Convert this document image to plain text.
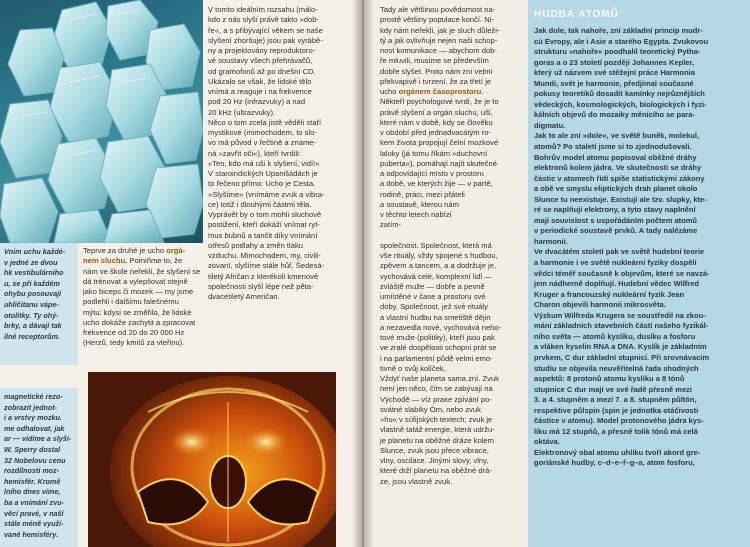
Vnim uchu každé-
v jedné ze dvou
hk vestibulárního
u, se při každém
ohybu posouvají
uhličitanu vápe-
otolitky. Ty ohý-
brky, a dávají tak
ilné receptorům.

magnetické rezo-
zobrazit jednot-
i a vrstvy mozku.
me odhalovat, jak
ar — vidíme a slyší-
W. Sperry dostal
32 Nobelovu cenu
rozdílnosti moz-
hemisfér. Kromě
lního dnes víme,
ba a vnímání zvu-
věcí pravé, v naší
stále méně využí-
vané hemisféry.

Teprve za druhé je ucho orgá-
nem sluchu. Pomiňme to, že
nám ve škole neřekli, že slyšení se
dá trénovat a vylepšovat stejně
jako biceps či mozek — my jsme
podlehli i dalšímu falešnému
mýtu: kdysi se změřilo, že lidské
ucho dokáže zachytit a zpracovat
frekvence od 20 do 20 000 Hz
(Herzů, tedy kmitů za vteřinu).

V tomto ideálním rozsahu (málo-
kdo z nás slyší právě takto »dob-
ře«, a s přibývající věkem se naše
slyšení zhoršuje) jsou pak vyrábě-
ny a projektovány reproduktoro-
vé soustavy všech přehrávačů,
od gramofonů až po dnešní CD.
Ukázalo se však, že lidské tělo
vnímá a reaguje i na frekvence
pod 20 Hz (infrazvuky) a nad
20 kHz (ultrazvuky).
Něco o tom zcela jistě věděli staří
mystikové (mimochodem, to slo-
vo má původ v řečtině a zname-
ná »zavřít oči«), kteří tvrdili:
»Ten, kdo má uši k slyšení, vidí!«
V staroindických Upanišádách je
to řečeno přímo: Ucho je Cesta.
»Slyšíme« (vnímáme zvuk a vibra-
ce) totiž i dlouhými částmi těla.
Vyprávět by o tom mohli sluchově
postižení, kteří dokáží vnímat ryt-
mus bubnů a tančit díky vnímání
otřesů podlahy a změn tlaku
vzduchu. Mimochodem, my, civili-
zovaní, slyšíme stále hůř. Šedesá-
tiletý Afričan z kterékoli kmenové
společnosti slyší lépe než pěta-
dvacetiletý Američan.

Tady ale většinou povědomost na-
prostě většiny populace končí. Ni-
kdy nám neřekli, jak je sluch důleži-
tý a jak ovlivňuje nejen naši schop-
nost komunikace — abychom dob-
ře mluvili, musíme se především
dobře slyšet. Proto nám zní velmi
překvapivě i tvrzení, že za třetí je
ucho orgánem časoprostoru.
Někteří psychologové tvrdí, že je to
právě slyšení a orgán sluchu, uši,
které nám v době, kdy se člověku
v období před jednadvacátým ro-
kem života propojují čelní mozkové
laloky (já tomu říkám »duchovní
puberta«), pomáhají najít skutečné
a odpovídající místo v prostoru
a době, ve kterých žije — v partě,
rodině, práci, mezi přáteli
a soustavě, kterou nám
v těchto letech nabízí
zatím-

společnost. Společnost, která má
vše rituály, vždy spojené s hudbou,
zpěvem a tancem, a a dodržuje je,
vychovává celé, komplexní lidi —
zvláště muže — dobře a pevně
umístěné v čase a prostoru své
doby. Společnost, jež své rituály
a vlastní hudbu na smetiště dějin
a nezavedla nové, vychovává neho-
tové muže (politiky), kteří jsou pak
ve zralé dospělosti schopni prát se
i na parlamentní půdě velmi emo-
tivně o svůj kolíček.
Vždyť naše planeta sama zní. Zvuk
není jen něco, čím se zabývají na
Východě — víz praxe zpívání po-
svátné slabiky Óm, nebo zvuk
»hu« v súfijských textech; zvuk je
vlastně tatáž energie, která udržu-
je planetu na oběžné dráze kolem
Slunce, zvuk jsou přece vibrace,
vlny, oscilace. Jinými slovy, vlny,
které drží planetu na oběžné drá-
ze, jsou vlastně zvuk.

HUDBA ATOMŮ

Jak dole, tak nahoře, zní základní princip mudr-
cú Evropy, ale i Asie a starého Egypta. Zvukovou
strukturu »nahoře« poodhalil teoretický Pytha-
goras a o 23 století později Johannes Kepler,
který už názvem své stěžejní práce Harmonia
Mundi, svět je harmonie, předjímal současné
pokusy teoretiků dosadit kamínky nejrůznějších
vědeckých, kosmologických, biologických i fyzi-
kálních objevů do mozaiky měnícího se para-
digmatu.
Jak to ale zní »dole«, ve světě buněk, molekul,
atomů? Po staletí jsme si to zjednodušovali.
Bohrův model atomu popisoval oběžné dráhy
elektronů kolem jádra. Ve skutečnosti se dráhy
částic v atomech řídí spíše statistickými zákony
a obě ve smyslu eliptických drah planet okolo
Slunce tu neexistuje. Existují ale tzv. slupky, kte-
ré se naplňují elektrony, a tyto stavy naplnění
mají souvislost s uspořádáním počtem atomů
v periodické soustavě prvků. A tady nalézáme
harmonii.
Ve dvacátém století pak ve světě hudební teorie
a harmonie i ve světě nukleární fyziky dospěli
vědci téměř současně k objevům, které se navzá-
jem nádherně doplňují. Hudební vědec Wilfred
Kruger a francouzský nukleární fyzik Jean
Charon objevili harmonii mikrosvěta.
Výzkum Wilfreda Krugera se soustředil na zkou-
mání základních stavebních částí našeho fyzikál-
ního světa — atomů kyslíku, dusíku a fosforu
a vláken kyselin RNA a DNA. Kyslík je základním
prvkem, C dur základní stupnicí. Při srovnávacím
studiu se objevila neuvěřitelná řada shodných
aspektů: 8 protonů atomu kyslíku a 8 tónů
stupnice C dur mají ve své řadě přesně mezi
3. a 4. stupněm a mezi 7. a 8. stupněm půltón,
respektive půlspin (spin je jednotka otáčivosti
částice v atomu). Model protonového jádra kys-
líku má 12 stupňů, a přesně tolik tónů má celá
oktáva.
Elektronový obal atomu uhlíku tvoří akord gre-
goriánské hudby, c–d–e–f–g–a, atom fosforu,
